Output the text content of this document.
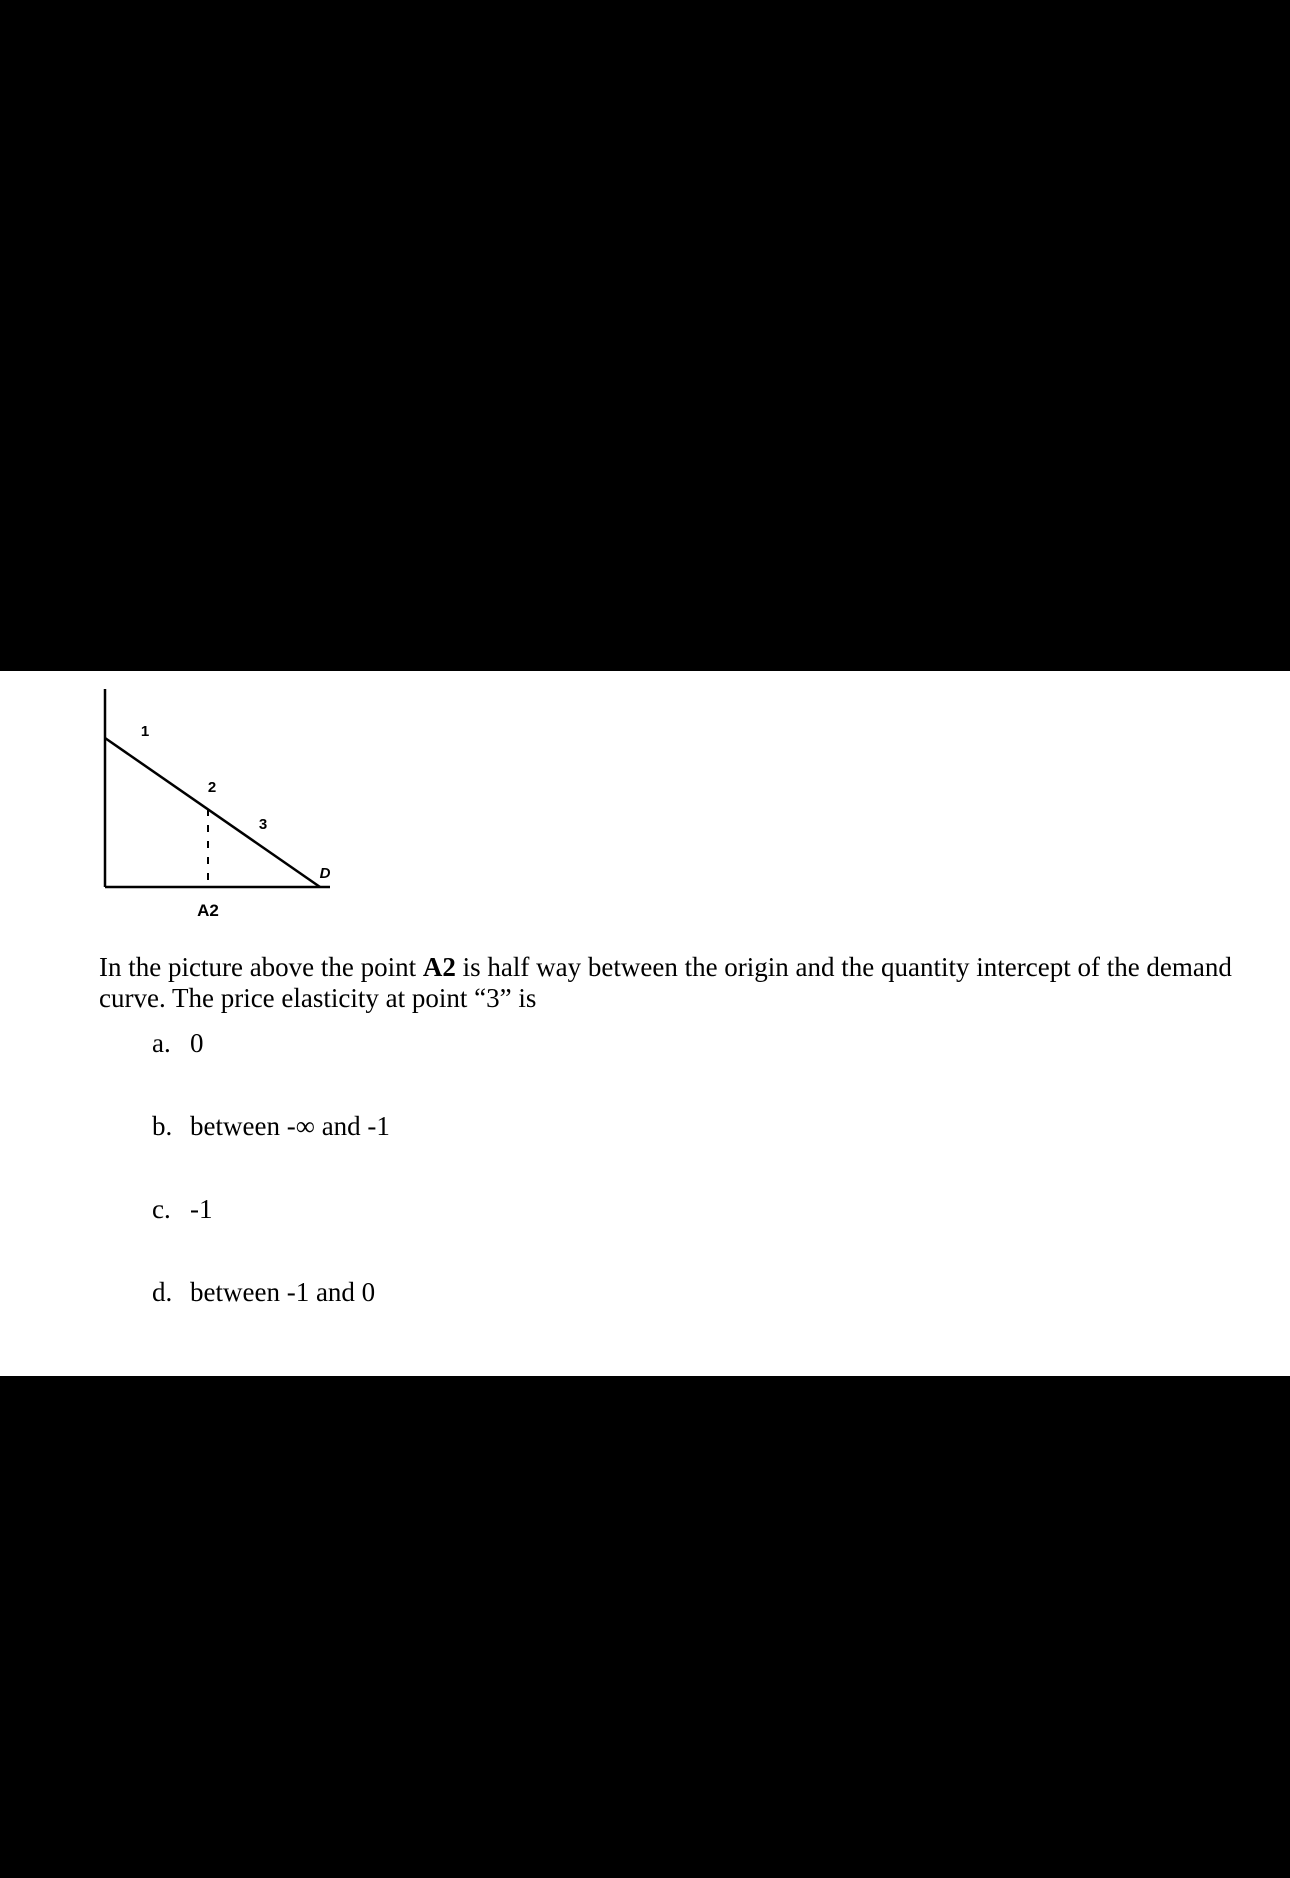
1
2
3
D
A2

In the picture above the point A2 is half way between the origin and the quantity intercept of the demand curve. The price elasticity at point “3” is

a. 0
b. between -∞ and -1
c. -1
d. between -1 and 0
